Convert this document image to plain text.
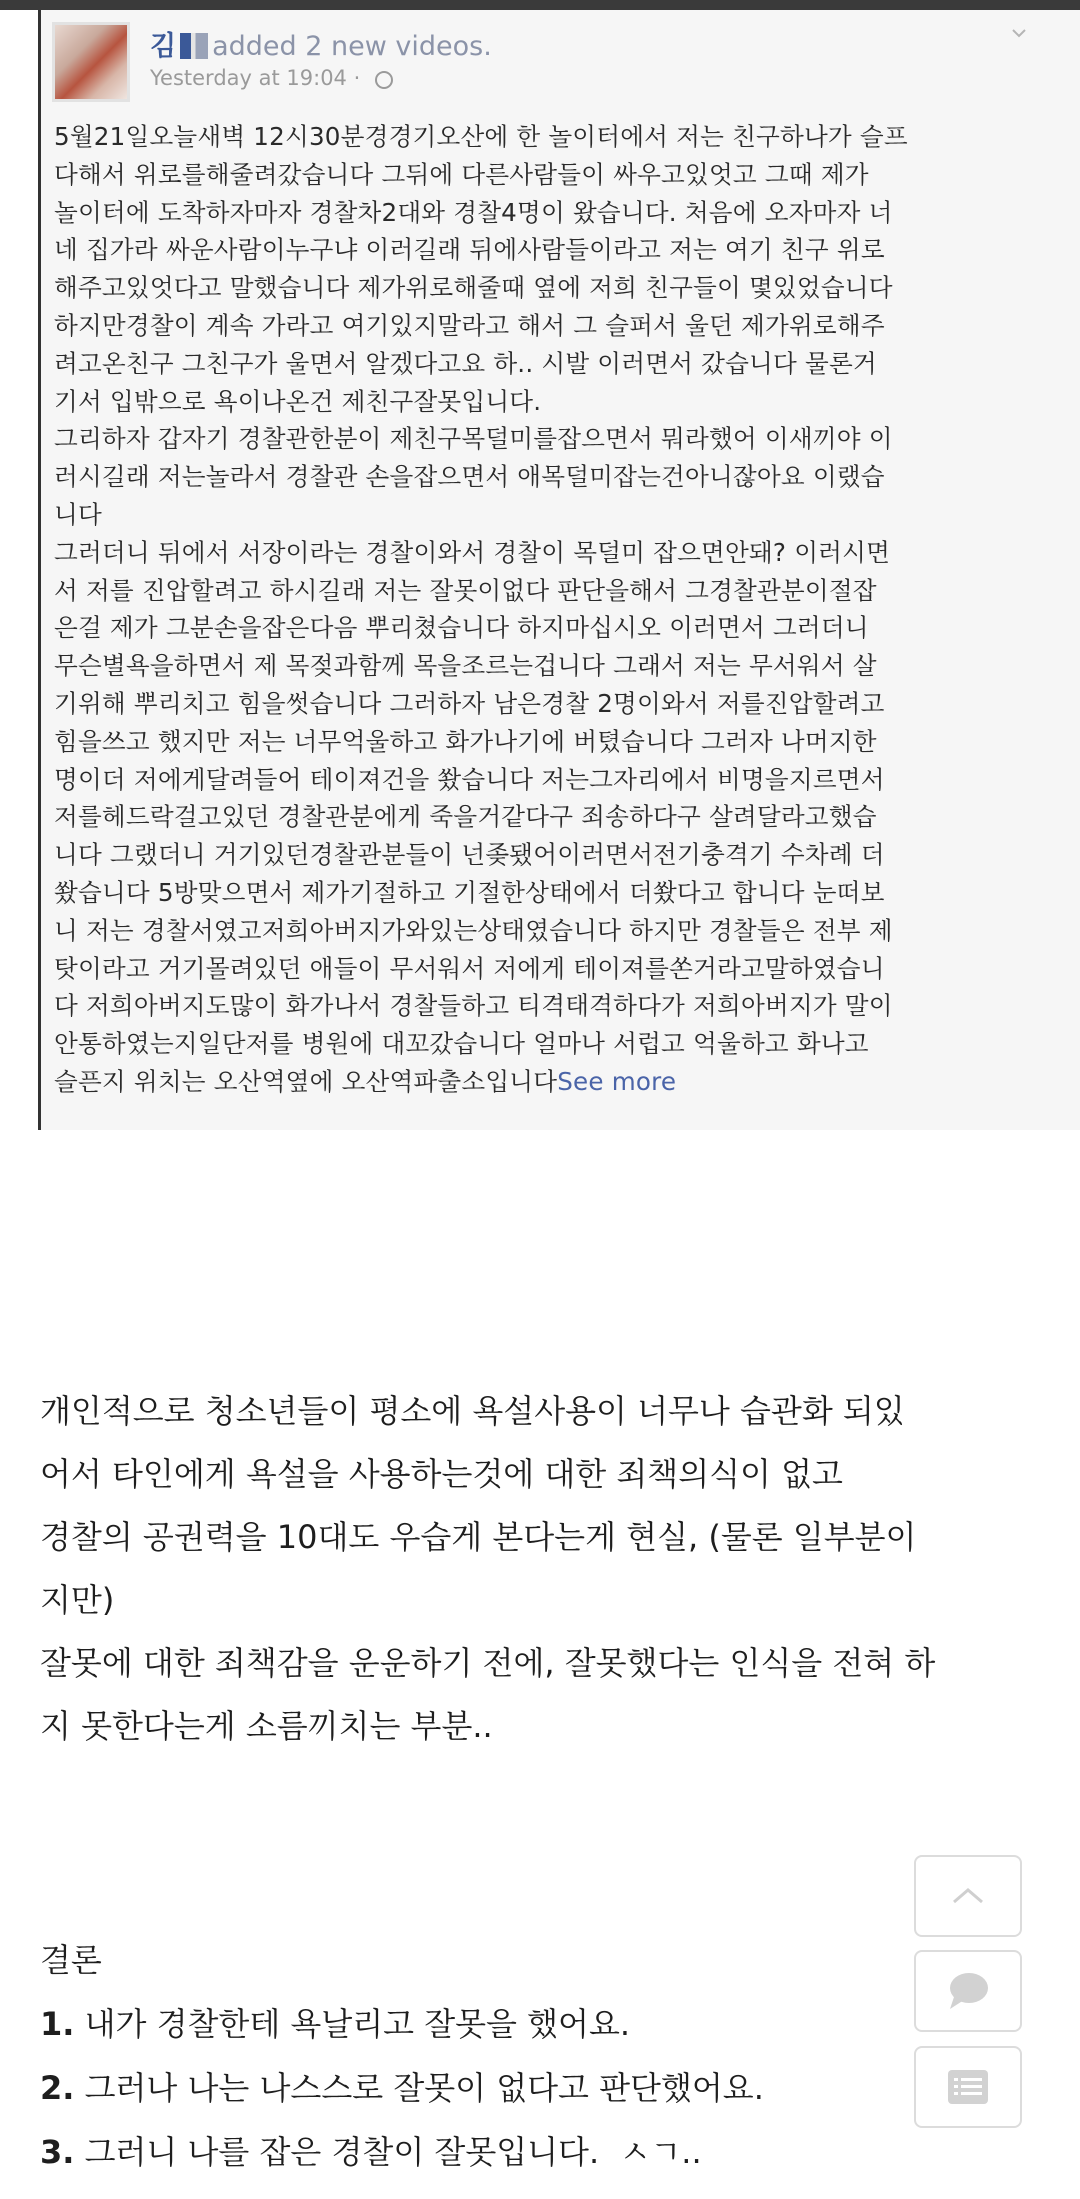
김 added 2 new videos.
Yesterday at 19:04 ·
5월21일오늘새벽 12시30분경경기오산에 한 놀이터에서 저는 친구하나가 슬프
다해서 위로를해줄려갔습니다 그뒤에 다른사람들이 싸우고있엇고 그때 제가
놀이터에 도착하자마자 경찰차2대와 경찰4명이 왔습니다. 처음에 오자마자 너
네 집가라 싸운사람이누구냐 이러길래 뒤에사람들이라고 저는 여기 친구 위로
해주고있엇다고 말했습니다 제가위로해줄때 옆에 저희 친구들이 몇있었습니다
하지만경찰이 계속 가라고 여기있지말라고 해서 그 슬퍼서 울던 제가위로해주
려고온친구 그친구가 울면서 알겠다고요 하.. 시발 이러면서 갔습니다 물론거
기서 입밖으로 욕이나온건 제친구잘못입니다.
그리하자 갑자기 경찰관한분이 제친구목덜미를잡으면서 뭐라했어 이새끼야 이
러시길래 저는놀라서 경찰관 손을잡으면서 애목덜미잡는건아니잖아요 이랬습
니다
그러더니 뒤에서 서장이라는 경찰이와서 경찰이 목덜미 잡으면안돼? 이러시면
서 저를 진압할려고 하시길래 저는 잘못이없다 판단을해서 그경찰관분이절잡
은걸 제가 그분손을잡은다음 뿌리쳤습니다 하지마십시오 이러면서 그러더니
무슨별욕을하면서 제 목젖과함께 목을조르는겁니다 그래서 저는 무서워서 살
기위해 뿌리치고 힘을썻습니다 그러하자 남은경찰 2명이와서 저를진압할려고
힘을쓰고 했지만 저는 너무억울하고 화가나기에 버텼습니다 그러자 나머지한
명이더 저에게달려들어 테이져건을 쐈습니다 저는그자리에서 비명을지르면서
저를헤드락걸고있던 경찰관분에게 죽을거같다구 죄송하다구 살려달라고했습
니다 그랬더니 거기있던경찰관분들이 넌좆됐어이러면서전기충격기 수차례 더
쐈습니다 5방맞으면서 제가기절하고 기절한상태에서 더쐈다고 합니다 눈떠보
니 저는 경찰서였고저희아버지가와있는상태였습니다 하지만 경찰들은 전부 제
탓이라고 거기몰려있던 애들이 무서워서 저에게 테이져를쏜거라고말하였습니
다 저희아버지도많이 화가나서 경찰들하고 티격태격하다가 저희아버지가 말이
안통하였는지일단저를 병원에 대꼬갔습니다 얼마나 서럽고 억울하고 화나고
슬픈지 위치는 오산역옆에 오산역파출소입니다See more
개인적으로 청소년들이 평소에 욕설사용이 너무나 습관화 되있
어서 타인에게 욕설을 사용하는것에 대한 죄책의식이 없고
경찰의 공권력을 10대도 우습게 본다는게 현실, (물론 일부분이
지만)
잘못에 대한 죄책감을 운운하기 전에, 잘못했다는 인식을 전혀 하
지 못한다는게 소름끼치는 부분..
결론
1. 내가 경찰한테 욕날리고 잘못을 했어요.
2. 그러나 나는 나스스로 잘못이 없다고 판단했어요.
3. 그러니 나를 잡은 경찰이 잘못입니다.  ㅅㄱ..
